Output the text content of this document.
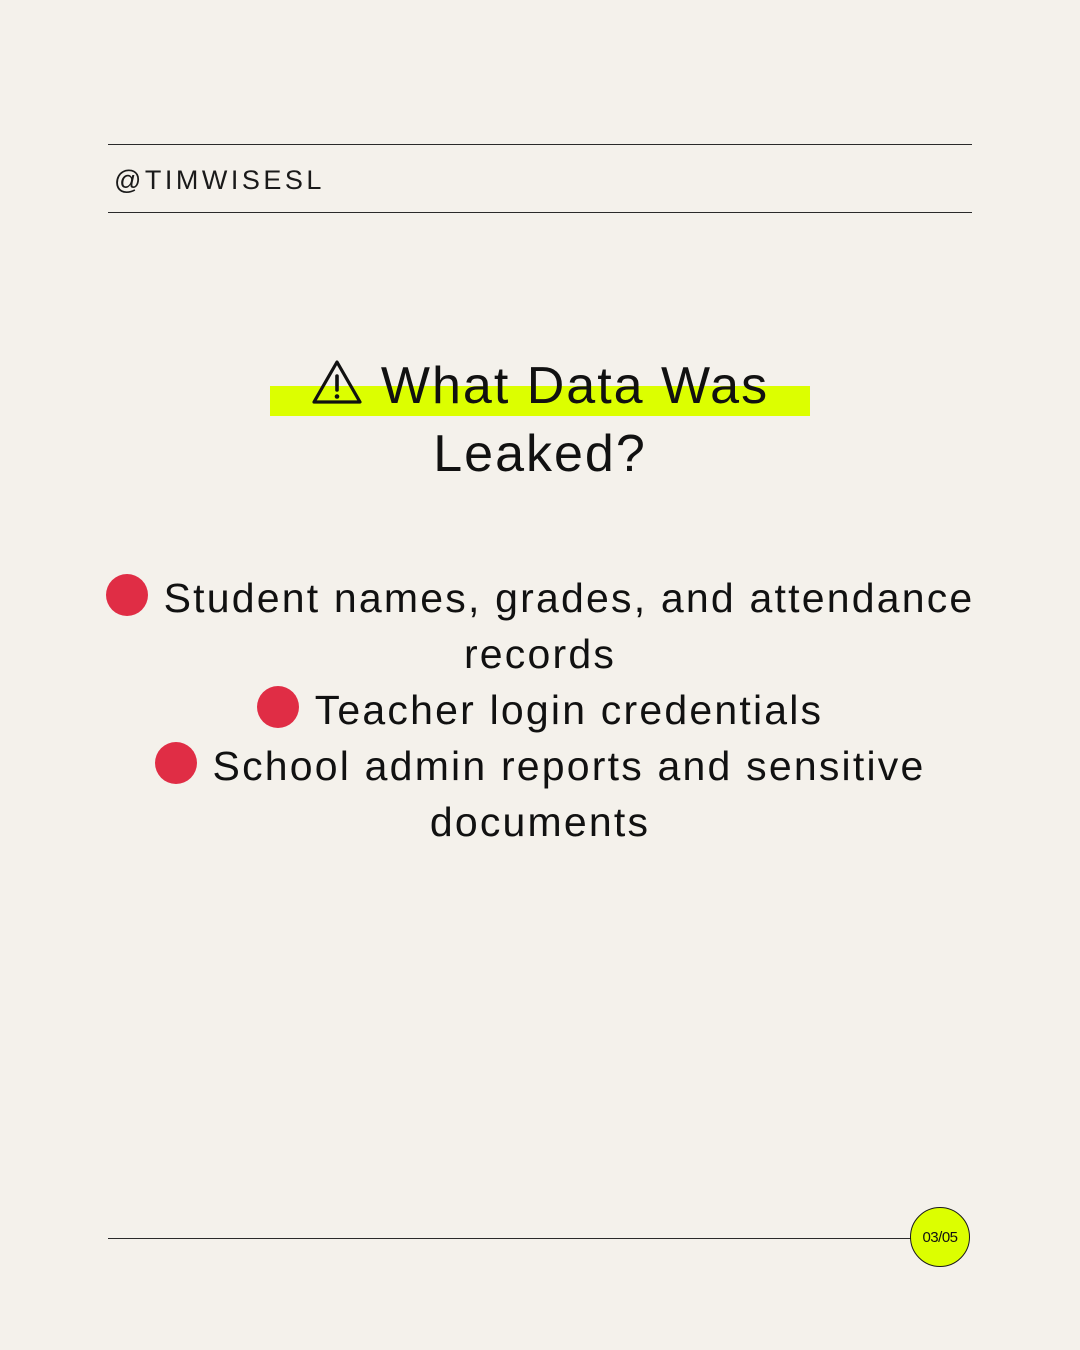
@TIMWISESL
What Data Was
Leaked?
Student names, grades, and attendance records
Teacher login credentials
School admin reports and sensitive documents
03/05
